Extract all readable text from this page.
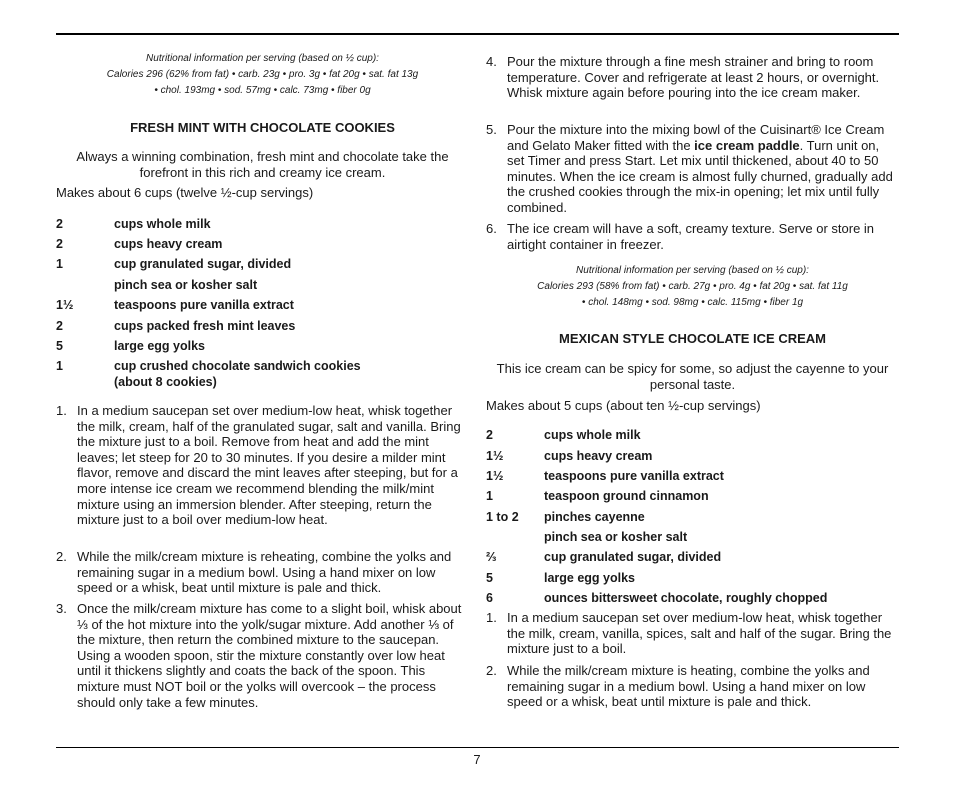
Nutritional information per serving (based on ½ cup):
Calories 296 (62% from fat) • carb. 23g • pro. 3g • fat 20g • sat. fat 13g
• chol. 193mg • sod. 57mg • calc. 73mg • fiber 0g
FRESH MINT WITH CHOCOLATE COOKIES
Always a winning combination, fresh mint and chocolate take the forefront in this rich and creamy ice cream.
Makes about 6 cups (twelve ½-cup servings)
2	cups whole milk
2	cups heavy cream
1	cup granulated sugar, divided
pinch sea or kosher salt
1½	teaspoons pure vanilla extract
2	cups packed fresh mint leaves
5	large egg yolks
1	cup crushed chocolate sandwich cookies (about 8 cookies)
1. In a medium saucepan set over medium-low heat, whisk together the milk, cream, half of the granulated sugar, salt and vanilla. Bring the mixture just to a boil. Remove from heat and add the mint leaves; let steep for 20 to 30 minutes. If you desire a milder mint flavor, remove and discard the mint leaves after steeping, but for a more intense ice cream we recommend blending the milk/mint mixture using an immersion blender. After steeping, return the mixture just to a boil over medium-low heat.
2. While the milk/cream mixture is reheating, combine the yolks and remaining sugar in a medium bowl. Using a hand mixer on low speed or a whisk, beat until mixture is pale and thick.
3. Once the milk/cream mixture has come to a slight boil, whisk about ⅓ of the hot mixture into the yolk/sugar mixture. Add another ⅓ of the mixture, then return the combined mixture to the saucepan. Using a wooden spoon, stir the mixture constantly over low heat until it thickens slightly and coats the back of the spoon. This mixture must NOT boil or the yolks will overcook – the process should only take a few minutes.
4. Pour the mixture through a fine mesh strainer and bring to room temperature. Cover and refrigerate at least 2 hours, or overnight. Whisk mixture again before pouring into the ice cream maker.
5. Pour the mixture into the mixing bowl of the Cuisinart® Ice Cream and Gelato Maker fitted with the ice cream paddle. Turn unit on, set Timer and press Start. Let mix until thickened, about 40 to 50 minutes. When the ice cream is almost fully churned, gradually add the crushed cookies through the mix-in opening; let mix until fully combined.
6. The ice cream will have a soft, creamy texture. Serve or store in airtight container in freezer.
Nutritional information per serving (based on ½ cup):
Calories 293 (58% from fat) • carb. 27g • pro. 4g • fat 20g • sat. fat 11g
• chol. 148mg • sod. 98mg • calc. 115mg • fiber 1g
MEXICAN STYLE CHOCOLATE ICE CREAM
This ice cream can be spicy for some, so adjust the cayenne to your personal taste.
Makes about 5 cups (about ten ½-cup servings)
2	cups whole milk
1½	cups heavy cream
1½	teaspoons pure vanilla extract
1	teaspoon ground cinnamon
1 to 2 pinches cayenne
pinch sea or kosher salt
⅔	cup granulated sugar, divided
5	large egg yolks
6	ounces bittersweet chocolate, roughly chopped
1. In a medium saucepan set over medium-low heat, whisk together the milk, cream, vanilla, spices, salt and half of the sugar. Bring the mixture just to a boil.
2. While the milk/cream mixture is heating, combine the yolks and remaining sugar in a medium bowl. Using a hand mixer on low speed or a whisk, beat until mixture is pale and thick.
7
